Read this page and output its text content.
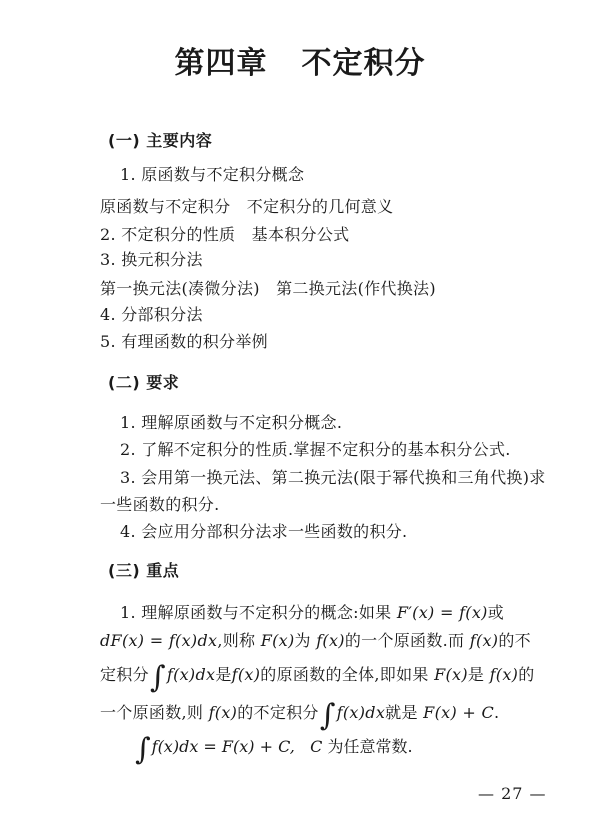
第四章 不定积分
(一) 主要内容
1. 原函数与不定积分概念
原函数与不定积分　不定积分的几何意义
2. 不定积分的性质　基本积分公式
3. 换元积分法
第一换元法(凑微分法)　第二换元法(作代换法)
4. 分部积分法
5. 有理函数的积分举例
(二) 要求
1. 理解原函数与不定积分概念.
2. 了解不定积分的性质.掌握不定积分的基本积分公式.
3. 会用第一换元法、第二换元法(限于幂代换和三角代换)求
一些函数的积分.
4. 会应用分部积分法求一些函数的积分.
(三) 重点
1. 理解原函数与不定积分的概念:如果 F′(x) = f(x)或
dF(x) = f(x)dx,则称 F(x)为 f(x)的一个原函数.而 f(x)的不
定积分∫f(x)dx是f(x)的原函数的全体,即如果 F(x)是 f(x)的
一个原函数,则 f(x)的不定积分∫f(x)dx就是 F(x) + C.
∫f(x)dx = F(x) + C, C 为任意常数.
— 27 —
